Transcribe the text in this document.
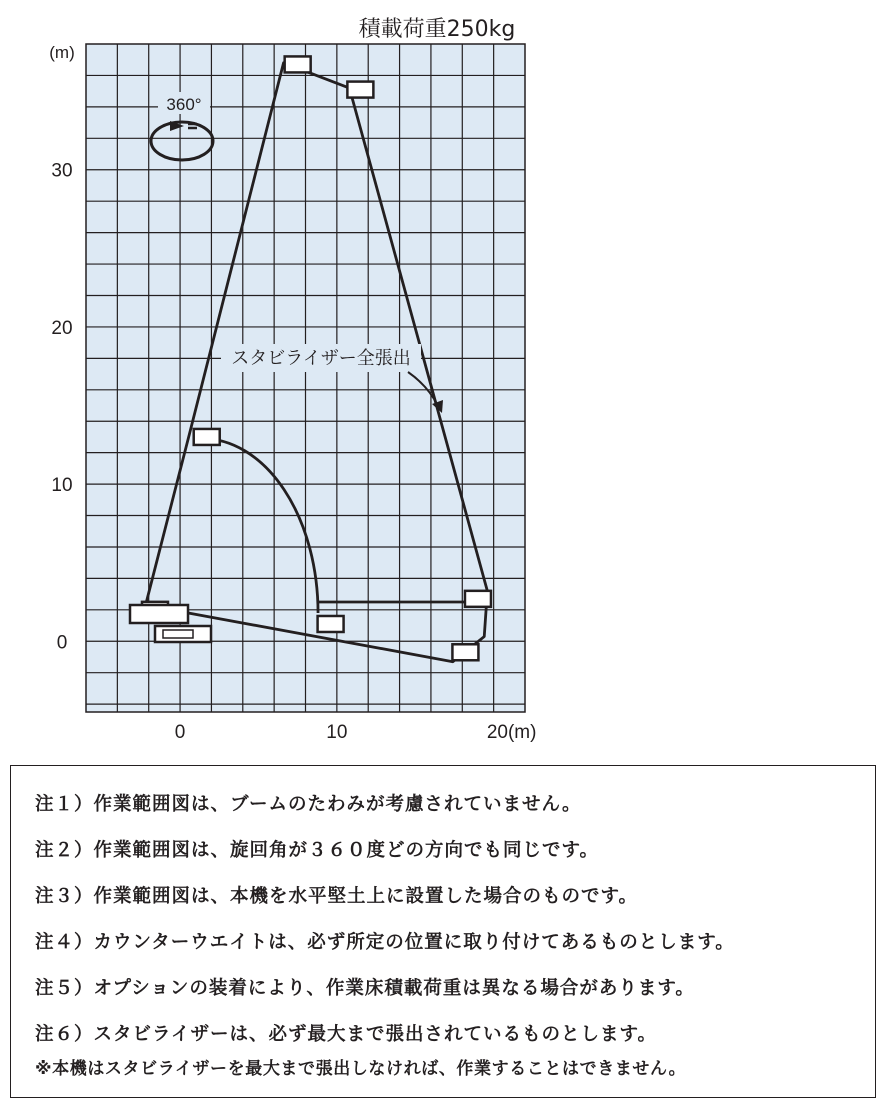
積載荷重250kg
(m)
0
10
20
30
0	10	20(m)
360°
スタビライザー全張出
注１）作業範囲図は、ブームのたわみが考慮されていません。
注２）作業範囲図は、旋回角が３６０度どの方向でも同じです。
注３）作業範囲図は、本機を水平堅土上に設置した場合のものです。
注４）カウンターウエイトは、必ず所定の位置に取り付けてあるものとします。
注５）オプションの装着により、作業床積載荷重は異なる場合があります。
注６）スタビライザーは、必ず最大まで張出されているものとします。
※本機はスタビライザーを最大まで張出しなければ、作業することはできません。
